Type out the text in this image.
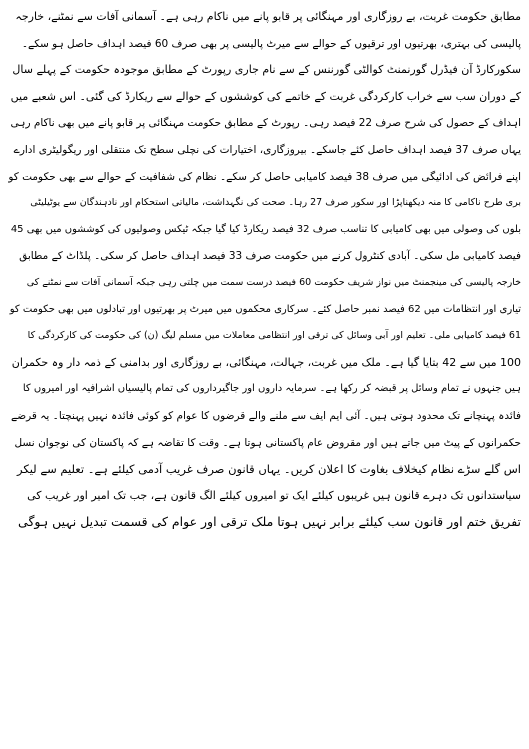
مطابق حکومت غربت، بے روزگاری اور مہنگائی پر قابو پانے میں ناکام رہی ہے۔ آسمانی آفات سے نمٹنے، خارجہ
پالیسی کی بہتری، بھرتیوں اور ترقیوں کے حوالے سے میرٹ پالیسی پر بھی صرف 60 فیصد اہداف حاصل ہو سکے۔
سکورکارڈ آن فیڈرل گورنمنٹ کوالٹی گورننس کے سے نام جاری رپورٹ کے مطابق موجودہ حکومت کے پہلے سال
کے دوران سب سے خراب کارکردگی غربت کے خاتمے کی کوششوں کے حوالے سے ریکارڈ کی گئی۔ اس شعبے میں
اہداف کے حصول کی شرح صرف 22 فیصد رہی۔ رپورٹ کے مطابق حکومت مہنگائی پر قابو پانے میں بھی ناکام رہی
یہاں صرف 37 فیصد اہداف حاصل کئے جاسکے۔ بیروزگاری، اختیارات کی نچلی سطح تک منتقلی اور ریگولیٹری ادارے
اپنے فرائض کی ادائیگی میں صرف 38 فیصد کامیابی حاصل کر سکے۔ نظام کی شفافیت کے حوالے سے بھی حکومت کو
بری طرح ناکامی کا منہ دیکھناپڑا اور سکور صرف 27 رہا۔ صحت کی نگہداشت، مالیاتی استحکام اور نادہندگان سے یوٹیلیٹی
بلوں کی وصولی میں بھی کامیابی کا تناسب صرف 32 فیصد ریکارڈ کیا گیا جبکہ ٹیکس وصولیوں کی کوششوں میں بھی 45
فیصد کامیابی مل سکی۔ آبادی کنٹرول کرنے میں حکومت صرف 33 فیصد اہداف حاصل کر سکی۔ پلڈاٹ کے مطابق
خارجہ پالیسی کی مینجمنٹ میں نواز شریف حکومت 60 فیصد درست سمت میں چلتی رہی جبکہ آسمانی آفات سے نمٹنے کی
تیاری اور انتظامات میں 62 فیصد نمبر حاصل کئے۔ سرکاری محکموں میں میرٹ پر بھرتیوں اور تبادلوں میں بھی حکومت کو
61 فیصد کامیابی ملی۔ تعلیم اور آبی وسائل کی ترقی اور انتظامی معاملات میں مسلم لیگ (ن) کی حکومت کی کارکردگی کا
100 میں سے 42 بتایا گیا ہے۔ ملک میں غربت، جہالت، مہنگائی، بے روزگاری اور بدامنی کے ذمہ دار وہ حکمران
ہیں جنہوں نے تمام وسائل پر قبضہ کر رکھا ہے۔ سرمایہ داروں اور جاگیرداروں کی تمام پالیسیاں اشرافیہ اور امیروں کا
فائدہ پہنچانے تک محدود ہوتی ہیں۔ آئی ایم ایف سے ملنے والے قرضوں کا عوام کو کوئی فائدہ نہیں پہنچتا۔ یہ قرضے
حکمرانوں کے پیٹ میں جاتے ہیں اور مقروض عام پاکستانی ہوتا ہے۔ وقت کا تقاضہ ہے کہ پاکستان کی نوجوان نسل
اس گلے سڑے نظام کیخلاف بغاوت کا اعلان کریں۔ یہاں قانون صرف غریب آدمی کیلئے ہے۔ تعلیم سے لیکر
سیاستدانوں تک دہرے قانون ہیں غریبوں کیلئے ایک تو امیروں کیلئے الگ قانون ہے، جب تک امیر اور غریب کی
تفریق ختم اور قانون سب کیلئے برابر نہیں ہوتا ملک ترقی اور عوام کی قسمت تبدیل نہیں ہوگی
